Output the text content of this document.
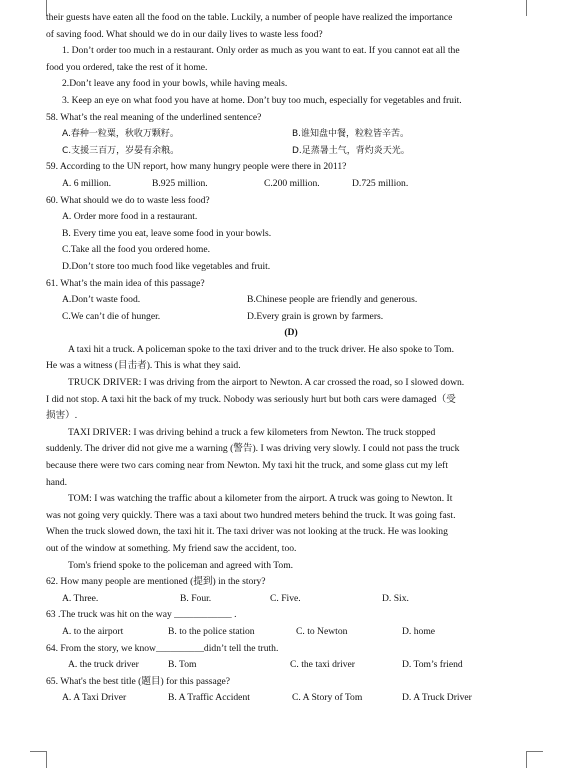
their guests have eaten all the food on the table. Luckily, a number of people have realized the importance
of saving food. What should we do in our daily lives to waste less food?
1. Don’t order too much in a restaurant. Only order as much as you want to eat. If you cannot eat all the
food you ordered, take the rest of it home.
2.Don’t leave any food in your bowls, while having meals.
3. Keep an eye on what food you have at home. Don’t buy too much, especially for vegetables and fruit.
58. What’s the real meaning of the underlined sentence?
A.春种一粒粟，秋收万颗籽。	B.谁知盘中餐，粒粒皆辛苦。
C.支援三百万，岁晏有余粮。	D.足蒸暑土气，背灼炎天光。
59. According to the UN report, how many hungry people were there in 2011?
A. 6 million.	B.925 million.	C.200 million.	D.725 million.
60. What should we do to waste less food?
A. Order more food in a restaurant.
B. Every time you eat, leave some food in your bowls.
C.Take all the food you ordered home.
D.Don’t store too much food like vegetables and fruit.
61. What’s the main idea of this passage?
A.Don’t waste food.	B.Chinese people are friendly and generous.
C.We can’t die of hunger.	D.Every grain is grown by farmers.
(D)
A taxi hit a truck. A policeman spoke to the taxi driver and to the truck driver. He also spoke to Tom.
He was a witness (目击者). This is what they said.
TRUCK DRIVER: I was driving from the airport to Newton. A car crossed the road, so I slowed down.
I did not stop. A taxi hit the back of my truck. Nobody was seriously hurt but both cars were damaged（受
损害）.
TAXI DRIVER: I was driving behind a truck a few kilometers from Newton. The truck stopped
suddenly. The driver did not give me a warning (警告). I was driving very slowly. I could not pass the truck
because there were two cars coming near from Newton. My taxi hit the truck, and some glass cut my left
hand.
TOM: I was watching the traffic about a kilometer from the airport. A truck was going to Newton. It
was not going very quickly. There was a taxi about two hundred meters behind the truck. It was going fast.
When the truck slowed down, the taxi hit it. The taxi driver was not looking at the truck. He was looking
out of the window at something. My friend saw the accident, too.
Tom's friend spoke to the policeman and agreed with Tom.
62. How many people are mentioned (提到) in the story?
A. Three.	B. Four.	C. Five.	D. Six.
63 .The truck was hit on the way ____________ .
A. to the airport	B. to the police station	C. to Newton	D. home
64. From the story, we know__________didn’t tell the truth.
A. the truck driver	B. Tom	C. the taxi driver	D. Tom’s friend
65. What's the best title (题目) for this passage?
A. A Taxi Driver	B. A Traffic Accident	C. A Story of Tom	D. A Truck Driver
